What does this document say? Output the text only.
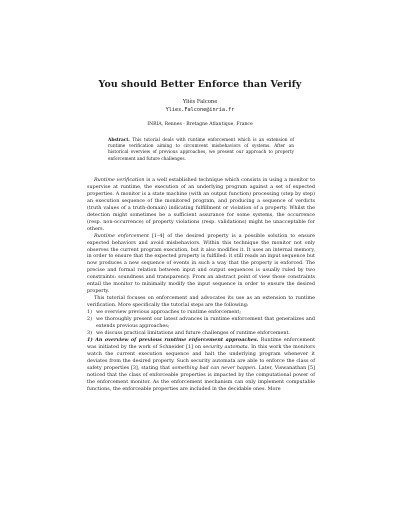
You should Better Enforce than Verify
Yliès Falcone
Ylies.Falcone@inria.fr
INRIA, Rennes - Bretagne Atlantique, France
Abstract. This tutorial deals with runtime enforcement which is an extension of runtime verification aiming to circumvent misbehaviors of systems. After an historical overview of previous approaches, we present our approach to property enforcement and future challenges.

Runtime verification is a well established technique which consists in using a monitor to supervise at runtime, the execution of an underlying program against a set of expected properties. A monitor is a state machine (with an output function) processing (step by step) an execution sequence of the monitored program, and producing a sequence of verdicts (truth values of a truth-domain) indicating fulfillment or violation of a property. Whilst the detection might sometimes be a sufficient assurance for some systems, the occurrence (resp. non-occurrence) of property violations (resp. validations) might be unacceptable for others.

Runtime enforcement [1–4] of the desired property is a possible solution to ensure expected behaviors and avoid misbehaviors. Within this technique the monitor not only observes the current program execution, but it also modifies it. It uses an internal memory, in order to ensure that the expected property is fulfilled: it still reads an input sequence but now produces a new sequence of events in such a way that the property is enforced. The precise and formal relation between input and output sequences is usually ruled by two constraints: soundness and transparency. From an abstract point of view those constraints entail the monitor to minimally modify the input sequence in order to ensure the desired property.

This tutorial focuses on enforcement and advocates its use as an extension to runtime verification. More specifically the tutorial steps are the following:

1) we overview previous approaches to runtime enforcement;
2) we thoroughly present our latest advances in runtime enforcement that generalizes and extends previous approaches;
3) we discuss practical limitations and future challenges of runtime enforcement.

1) An overview of previous runtime enforcement approaches. Runtime enforcement was initiated by the work of Schneider [1] on security automata. In this work the monitors watch the current execution sequence and halt the underlying program whenever it deviates from the desired property. Such security automata are able to enforce the class of safety properties [3], stating that something bad can never happen. Later, Viswanathan [5] noticed that the class of enforceable properties is impacted by the computational power of the enforcement monitor. As the enforcement mechanism can only implement computable functions, the enforceable properties are included in the decidable ones. More
